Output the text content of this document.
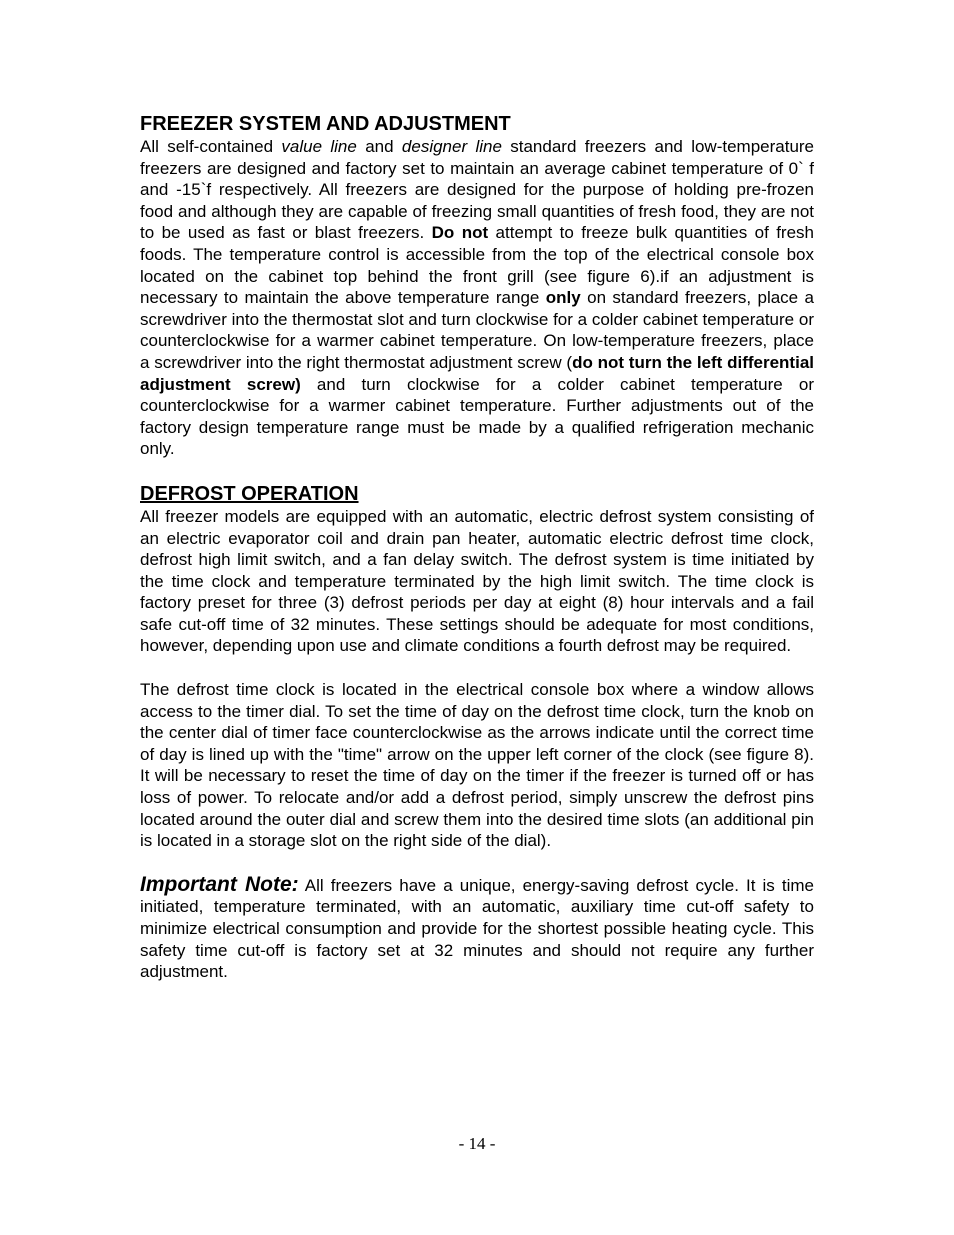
FREEZER SYSTEM AND ADJUSTMENT

All self-contained value line and designer line standard freezers and low-temperature freezers are designed and factory set to maintain an average cabinet temperature of 0` f and -15`f respectively. All freezers are designed for the purpose of holding pre-frozen food and although they are capable of freezing small quantities of fresh food, they are not to be used as fast or blast freezers. Do not attempt to freeze bulk quantities of fresh foods. The temperature control is accessible from the top of the electrical console box located on the cabinet top behind the front grill (see figure 6).if an adjustment is necessary to maintain the above temperature range only on standard freezers, place a screwdriver into the thermostat slot and turn clockwise for a colder cabinet temperature or counterclockwise for a warmer cabinet temperature. On low-temperature freezers, place a screwdriver into the right thermostat adjustment screw (do not turn the left differential adjustment screw) and turn clockwise for a colder cabinet temperature or counterclockwise for a warmer cabinet temperature. Further adjustments out of the factory design temperature range must be made by a qualified refrigeration mechanic only.

DEFROST OPERATION

All freezer models are equipped with an automatic, electric defrost system consisting of an electric evaporator coil and drain pan heater, automatic electric defrost time clock, defrost high limit switch, and a fan delay switch. The defrost system is time initiated by the time clock and temperature terminated by the high limit switch. The time clock is factory preset for three (3) defrost periods per day at eight (8) hour intervals and a fail safe cut-off time of 32 minutes. These settings should be adequate for most conditions, however, depending upon use and climate conditions a fourth defrost may be required.

The defrost time clock is located in the electrical console box where a window allows access to the timer dial. To set the time of day on the defrost time clock, turn the knob on the center dial of timer face counterclockwise as the arrows indicate until the correct time of day is lined up with the "time" arrow on the upper left corner of the clock (see figure 8). It will be necessary to reset the time of day on the timer if the freezer is turned off or has loss of power. To relocate and/or add a defrost period, simply unscrew the defrost pins located around the outer dial and screw them into the desired time slots (an additional pin is located in a storage slot on the right side of the dial).

Important Note: All freezers have a unique, energy-saving defrost cycle. It is time initiated, temperature terminated, with an automatic, auxiliary time cut-off safety to minimize electrical consumption and provide for the shortest possible heating cycle. This safety time cut-off is factory set at 32 minutes and should not require any further adjustment.

- 14 -
